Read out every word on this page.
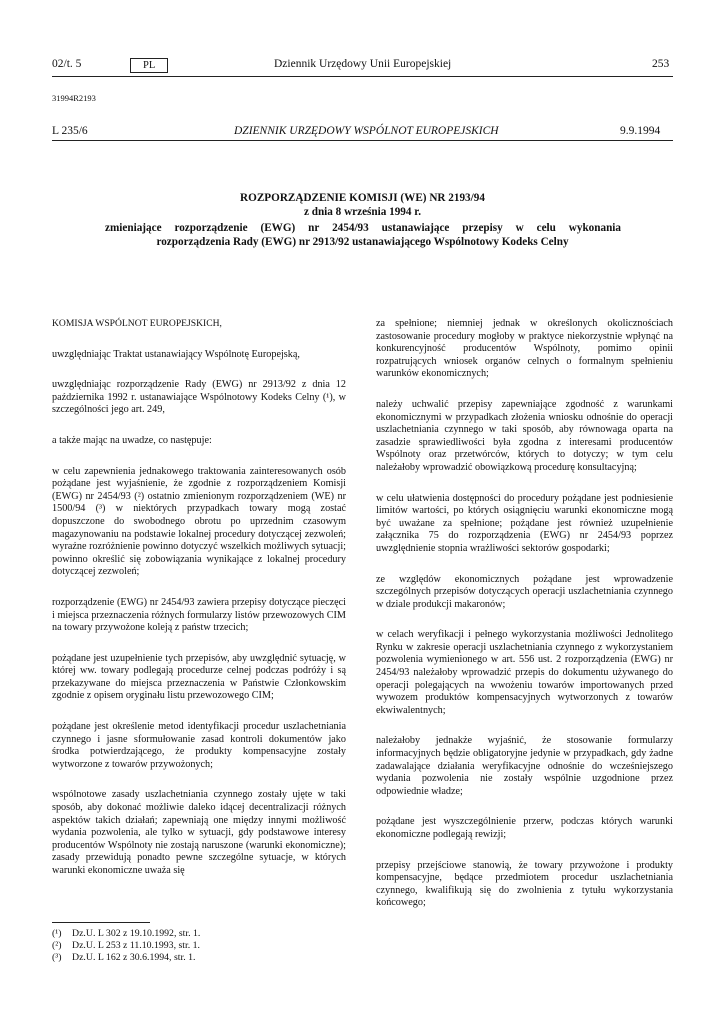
02/t. 5	PL	Dziennik Urzędowy Unii Europejskiej	253
31994R2193
L 235/6	DZIENNIK URZĘDOWY WSPÓLNOT EUROPEJSKICH	9.9.1994
ROZPORZĄDZENIE KOMISJI (WE) NR 2193/94
z dnia 8 września 1994 r.
zmieniające rozporządzenie (EWG) nr 2454/93 ustanawiające przepisy w celu wykonania
rozporządzenia Rady (EWG) nr 2913/92 ustanawiającego Wspólnotowy Kodeks Celny

KOMISJA WSPÓLNOT EUROPEJSKICH,

uwzględniając Traktat ustanawiający Wspólnotę Europejską,

uwzględniając rozporządzenie Rady (EWG) nr 2913/92 z dnia 12 października 1992 r. ustanawiające Wspólnotowy Kodeks Celny (¹), w szczególności jego art. 249,

a także mając na uwadze, co następuje:

w celu zapewnienia jednakowego traktowania zainteresowanych osób pożądane jest wyjaśnienie, że zgodnie z rozporządzeniem Komisji (EWG) nr 2454/93 (²) ostatnio zmienionym rozporządzeniem (WE) nr 1500/94 (³) w niektórych przypadkach towary mogą zostać dopuszczone do swobodnego obrotu po uprzednim czasowym magazynowaniu na podstawie lokalnej procedury dotyczącej zezwoleń; wyraźne rozróżnienie powinno dotyczyć wszelkich możliwych sytuacji; powinno określić się zobowiązania wynikające z lokalnej procedury dotyczącej zezwoleń;

rozporządzenie (EWG) nr 2454/93 zawiera przepisy dotyczące pieczęci i miejsca przeznaczenia różnych formularzy listów przewozowych CIM na towary przywożone koleją z państw trzecich;

pożądane jest uzupełnienie tych przepisów, aby uwzględnić sytuację, w której ww. towary podlegają procedurze celnej podczas podróży i są przekazywane do miejsca przeznaczenia w Państwie Członkowskim zgodnie z opisem oryginału listu przewozowego CIM;

pożądane jest określenie metod identyfikacji procedur uszlachetniania czynnego i jasne sformułowanie zasad kontroli dokumentów jako środka potwierdzającego, że produkty kompensacyjne zostały wytworzone z towarów przywożonych;

wspólnotowe zasady uszlachetniania czynnego zostały ujęte w taki sposób, aby dokonać możliwie daleko idącej decentralizacji różnych aspektów takich działań; zapewniają one między innymi możliwość wydania pozwolenia, ale tylko w sytuacji, gdy podstawowe interesy producentów Wspólnoty nie zostają naruszone (warunki ekonomiczne); zasady przewidują ponadto pewne szczególne sytuacje, w których warunki ekonomiczne uważa się

za spełnione; niemniej jednak w określonych okolicznościach zastosowanie procedury mogłoby w praktyce niekorzystnie wpłynąć na konkurencyjność producentów Wspólnoty, pomimo opinii rozpatrujących wniosek organów celnych o formalnym spełnieniu warunków ekonomicznych;

należy uchwalić przepisy zapewniające zgodność z warunkami ekonomicznymi w przypadkach złożenia wniosku odnośnie do operacji uszlachetniania czynnego w taki sposób, aby równowaga oparta na zasadzie sprawiedliwości była zgodna z interesami producentów Wspólnoty oraz przetwórców, których to dotyczy; w tym celu należałoby wprowadzić obowiązkową procedurę konsultacyjną;

w celu ułatwienia dostępności do procedury pożądane jest podniesienie limitów wartości, po których osiągnięciu warunki ekonomiczne mogą być uważane za spełnione; pożądane jest również uzupełnienie załącznika 75 do rozporządzenia (EWG) nr 2454/93 poprzez uwzględnienie stopnia wrażliwości sektorów gospodarki;

ze względów ekonomicznych pożądane jest wprowadzenie szczególnych przepisów dotyczących operacji uszlachetniania czynnego w dziale produkcji makaronów;

w celach weryfikacji i pełnego wykorzystania możliwości Jednolitego Rynku w zakresie operacji uszlachetniania czynnego z wykorzystaniem pozwolenia wymienionego w art. 556 ust. 2 rozporządzenia (EWG) nr 2454/93 należałoby wprowadzić przepis do dokumentu używanego do operacji polegających na wwożeniu towarów importowanych przed wywozem produktów kompensacyjnych wytworzonych z towarów ekwiwalentnych;

należałoby jednakże wyjaśnić, że stosowanie formularzy informacyjnych będzie obligatoryjne jedynie w przypadkach, gdy żadne zadawalające działania weryfikacyjne odnośnie do wcześniejszego wydania pozwolenia nie zostały wspólnie uzgodnione przez odpowiednie władze;

pożądane jest wyszczególnienie przerw, podczas których warunki ekonomiczne podlegają rewizji;

przepisy przejściowe stanowią, że towary przywożone i produkty kompensacyjne, będące przedmiotem procedur uszlachetniania czynnego, kwalifikują się do zwolnienia z tytułu wykorzystania końcowego;

(¹) Dz.U. L 302 z 19.10.1992, str. 1.
(²) Dz.U. L 253 z 11.10.1993, str. 1.
(³) Dz.U. L 162 z 30.6.1994, str. 1.
